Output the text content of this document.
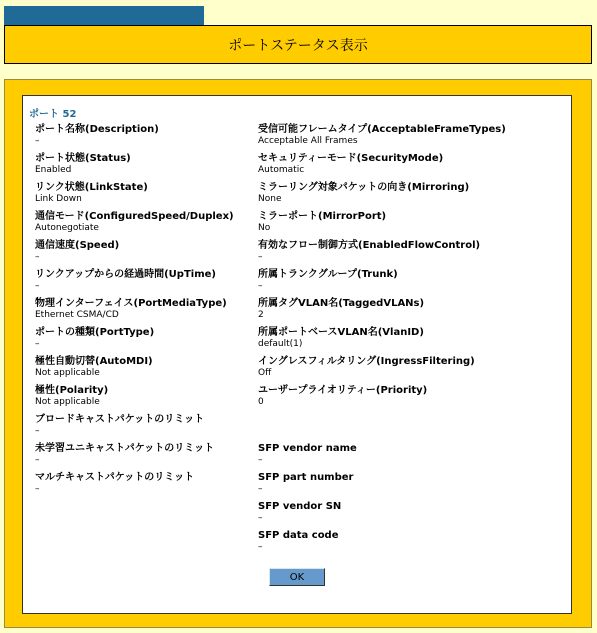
ポートステータス表示
ポート 52
ポート名称(Description)
–
ポート状態(Status)
Enabled
リンク状態(LinkState)
Link Down
通信モード(ConfiguredSpeed/Duplex)
Autonegotiate
通信速度(Speed)
–
リンクアップからの経過時間(UpTime)
–
物理インターフェイス(PortMediaType)
Ethernet CSMA/CD
ポートの種類(PortType)
–
極性自動切替(AutoMDI)
Not applicable
極性(Polarity)
Not applicable
ブロードキャストパケットのリミット
–
未学習ユニキャストパケットのリミット
–
マルチキャストパケットのリミット
–
受信可能フレームタイプ(AcceptableFrameTypes)
Acceptable All Frames
セキュリティーモード(SecurityMode)
Automatic
ミラーリング対象パケットの向き(Mirroring)
None
ミラーポート(MirrorPort)
No
有効なフロー制御方式(EnabledFlowControl)
–
所属トランクグループ(Trunk)
–
所属タグVLAN名(TaggedVLANs)
2
所属ポートベースVLAN名(VlanID)
default(1)
イングレスフィルタリング(IngressFiltering)
Off
ユーザープライオリティー(Priority)
0
SFP vendor name
–
SFP part number
–
SFP vendor SN
–
SFP data code
–
OK
